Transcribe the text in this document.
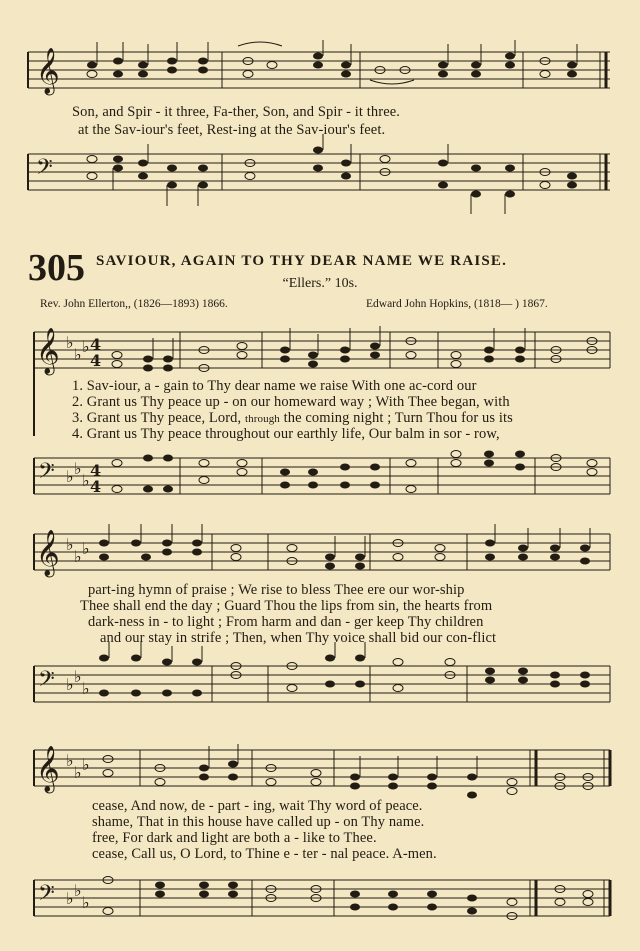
𝄞
Son, and Spir - it three, Fa-ther, Son, and Spir - it three.
at the Sav-iour's feet, Rest-ing at the Sav-iour's feet.
𝄢
305 SAVIOUR, AGAIN TO THY DEAR NAME WE RAISE.
“Ellers.” 10s.
Rev. John Ellerton,, (1826—1893) 1866.	Edward John Hopkins, (1818— ) 1867.
𝄞 ♭
♭ ♭ 4
4
1. Sav-iour, a - gain to Thy dear name we raise With one ac-cord our
2. Grant us Thy peace up - on our homeward way ; With Thee began, with
3. Grant us Thy peace, Lord, through the coming night ; Turn Thou for us its
4. Grant us Thy peace throughout our earthly life, Our balm in sor - row,
𝄢 ♭ ♭
♭
4
4
𝄞 ♭
♭ ♭
part-ing hymn of praise ; We rise to bless Thee ere our wor-ship
Thee shall end the day ; Guard Thou the lips from sin, the hearts from
dark-ness in - to light ; From harm and dan - ger keep Thy children
and our stay in strife ; Then, when Thy voice shall bid our con-flict
𝄢 ♭ ♭
♭
𝄞 ♭
♭ ♭
cease, And now, de - part - ing, wait Thy word of peace.
shame, That in this house have called up - on Thy name.
free, For dark and light are both a - like to Thee.
cease, Call us, O Lord, to Thine e - ter - nal peace. A-men.
𝄢 ♭ ♭
♭
